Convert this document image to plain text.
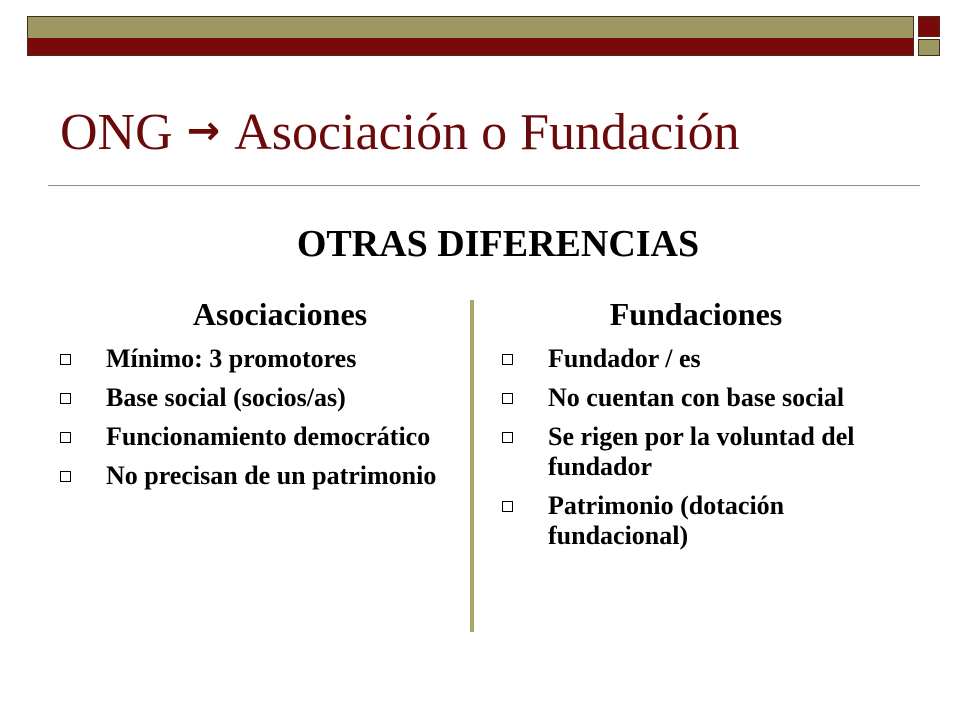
ONG → Asociación o Fundación
OTRAS DIFERENCIAS
Asociaciones	Fundaciones
Mínimo: 3 promotores
Base social (socios/as)
Funcionamiento democrático
No precisan de un patrimonio
Fundador / es
No cuentan con base social
Se rigen por la voluntad del fundador
Patrimonio (dotación fundacional)
